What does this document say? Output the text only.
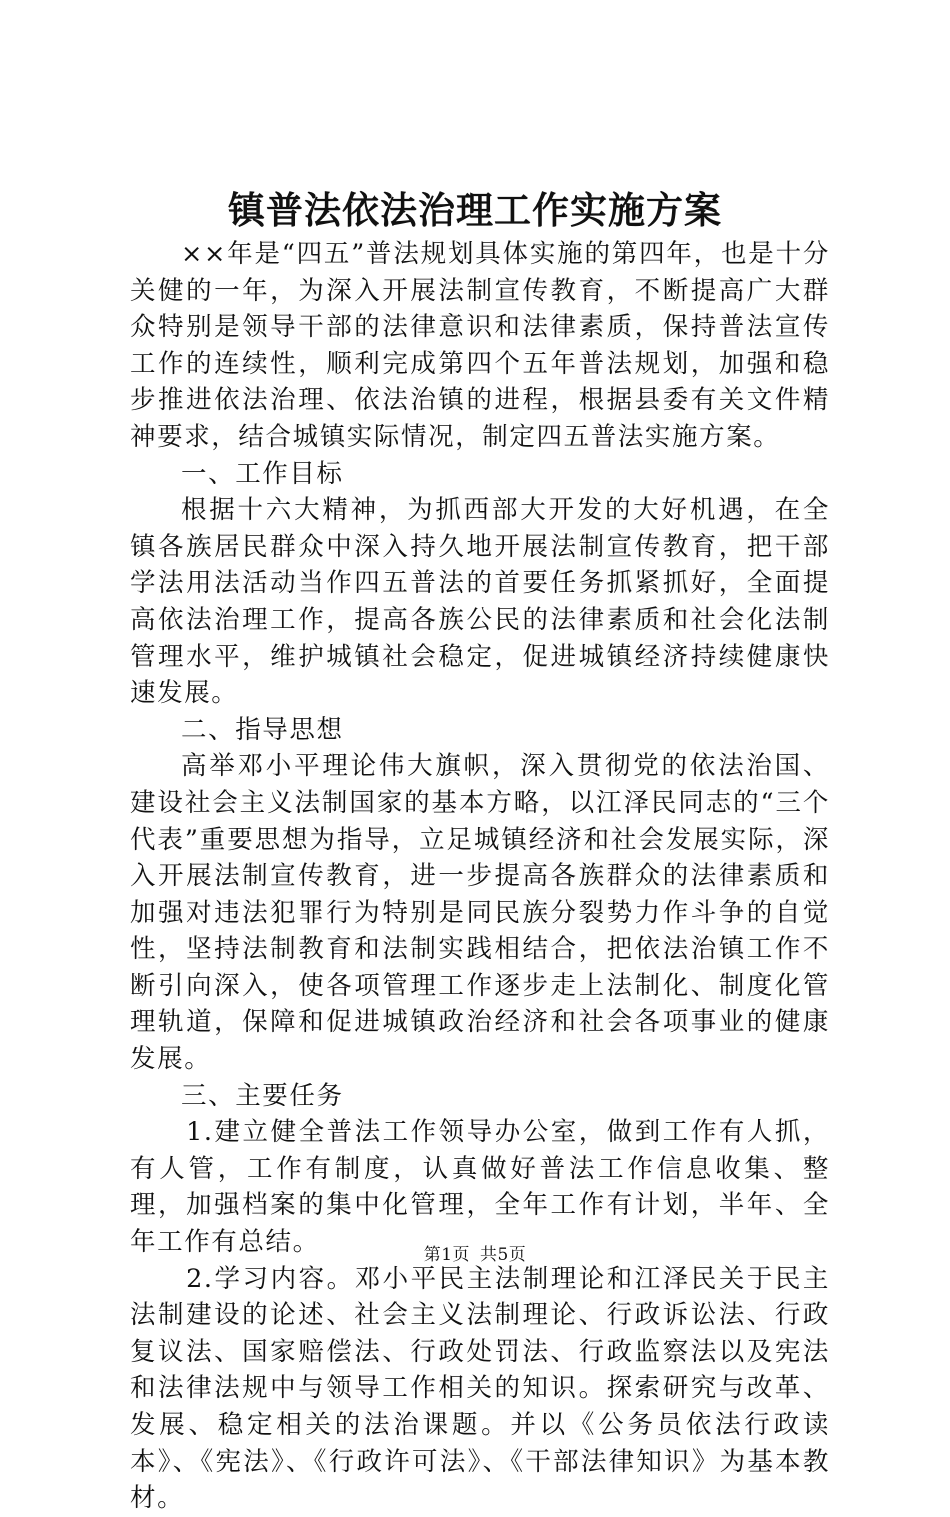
镇普法依法治理工作实施方案

××年是“四五”普法规划具体实施的第四年，也是十分关健的一年，为深入开展法制宣传教育，不断提高广大群众特别是领导干部的法律意识和法律素质，保持普法宣传工作的连续性，顺利完成第四个五年普法规划，加强和稳步推进依法治理、依法治镇的进程，根据县委有关文件精神要求，结合城镇实际情况，制定四五普法实施方案。

一、工作目标

根据十六大精神，为抓西部大开发的大好机遇，在全镇各族居民群众中深入持久地开展法制宣传教育，把干部学法用法活动当作四五普法的首要任务抓紧抓好，全面提高依法治理工作，提高各族公民的法律素质和社会化法制管理水平，维护城镇社会稳定，促进城镇经济持续健康快速发展。

二、指导思想

高举邓小平理论伟大旗帜，深入贯彻党的依法治国、建设社会主义法制国家的基本方略，以江泽民同志的“三个代表”重要思想为指导，立足城镇经济和社会发展实际，深入开展法制宣传教育，进一步提高各族群众的法律素质和加强对违法犯罪行为特别是同民族分裂势力作斗争的自觉性，坚持法制教育和法制实践相结合，把依法治镇工作不断引向深入，使各项管理工作逐步走上法制化、制度化管理轨道，保障和促进城镇政治经济和社会各项事业的健康发展。

三、主要任务

1.建立健全普法工作领导办公室，做到工作有人抓，有人管，工作有制度，认真做好普法工作信息收集、整理，加强档案的集中化管理，全年工作有计划，半年、全年工作有总结。

2.学习内容。邓小平民主法制理论和江泽民关于民主法制建设的论述、社会主义法制理论、行政诉讼法、行政复议法、国家赔偿法、行政处罚法、行政监察法以及宪法和法律法规中与领导工作相关的知识。探索研究与改革、发展、稳定相关的法治课题。并以《公务员依法行政读本》、《宪法》、《行政许可法》、《干部法律知识》为基本教材。

第1页 共5页
